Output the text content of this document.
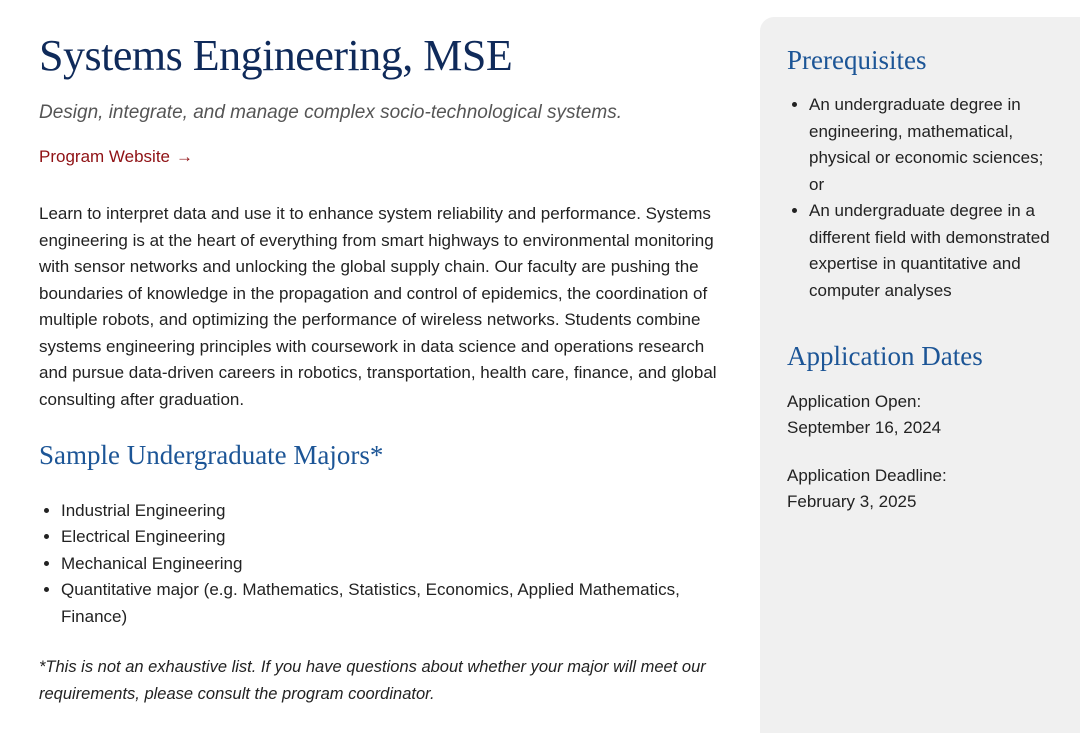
Systems Engineering, MSE

Design, integrate, and manage complex socio-technological systems.

Program Website →

Learn to interpret data and use it to enhance system reliability and performance. Systems engineering is at the heart of everything from smart highways to environmental monitoring with sensor networks and unlocking the global supply chain. Our faculty are pushing the boundaries of knowledge in the propagation and control of epidemics, the coordination of multiple robots, and optimizing the performance of wireless networks. Students combine systems engineering principles with coursework in data science and operations research and pursue data-driven careers in robotics, transportation, health care, finance, and global consulting after graduation.

Sample Undergraduate Majors*
• Industrial Engineering
• Electrical Engineering
• Mechanical Engineering
• Quantitative major (e.g. Mathematics, Statistics, Economics, Applied Mathematics, Finance)

*This is not an exhaustive list. If you have questions about whether your major will meet our requirements, please consult the program coordinator.

Prerequisites
• An undergraduate degree in engineering, mathematical, physical or economic sciences; or
• An undergraduate degree in a different field with demonstrated expertise in quantitative and computer analyses
Application Dates
Application Open:
September 16, 2024
Application Deadline:
February 3, 2025
